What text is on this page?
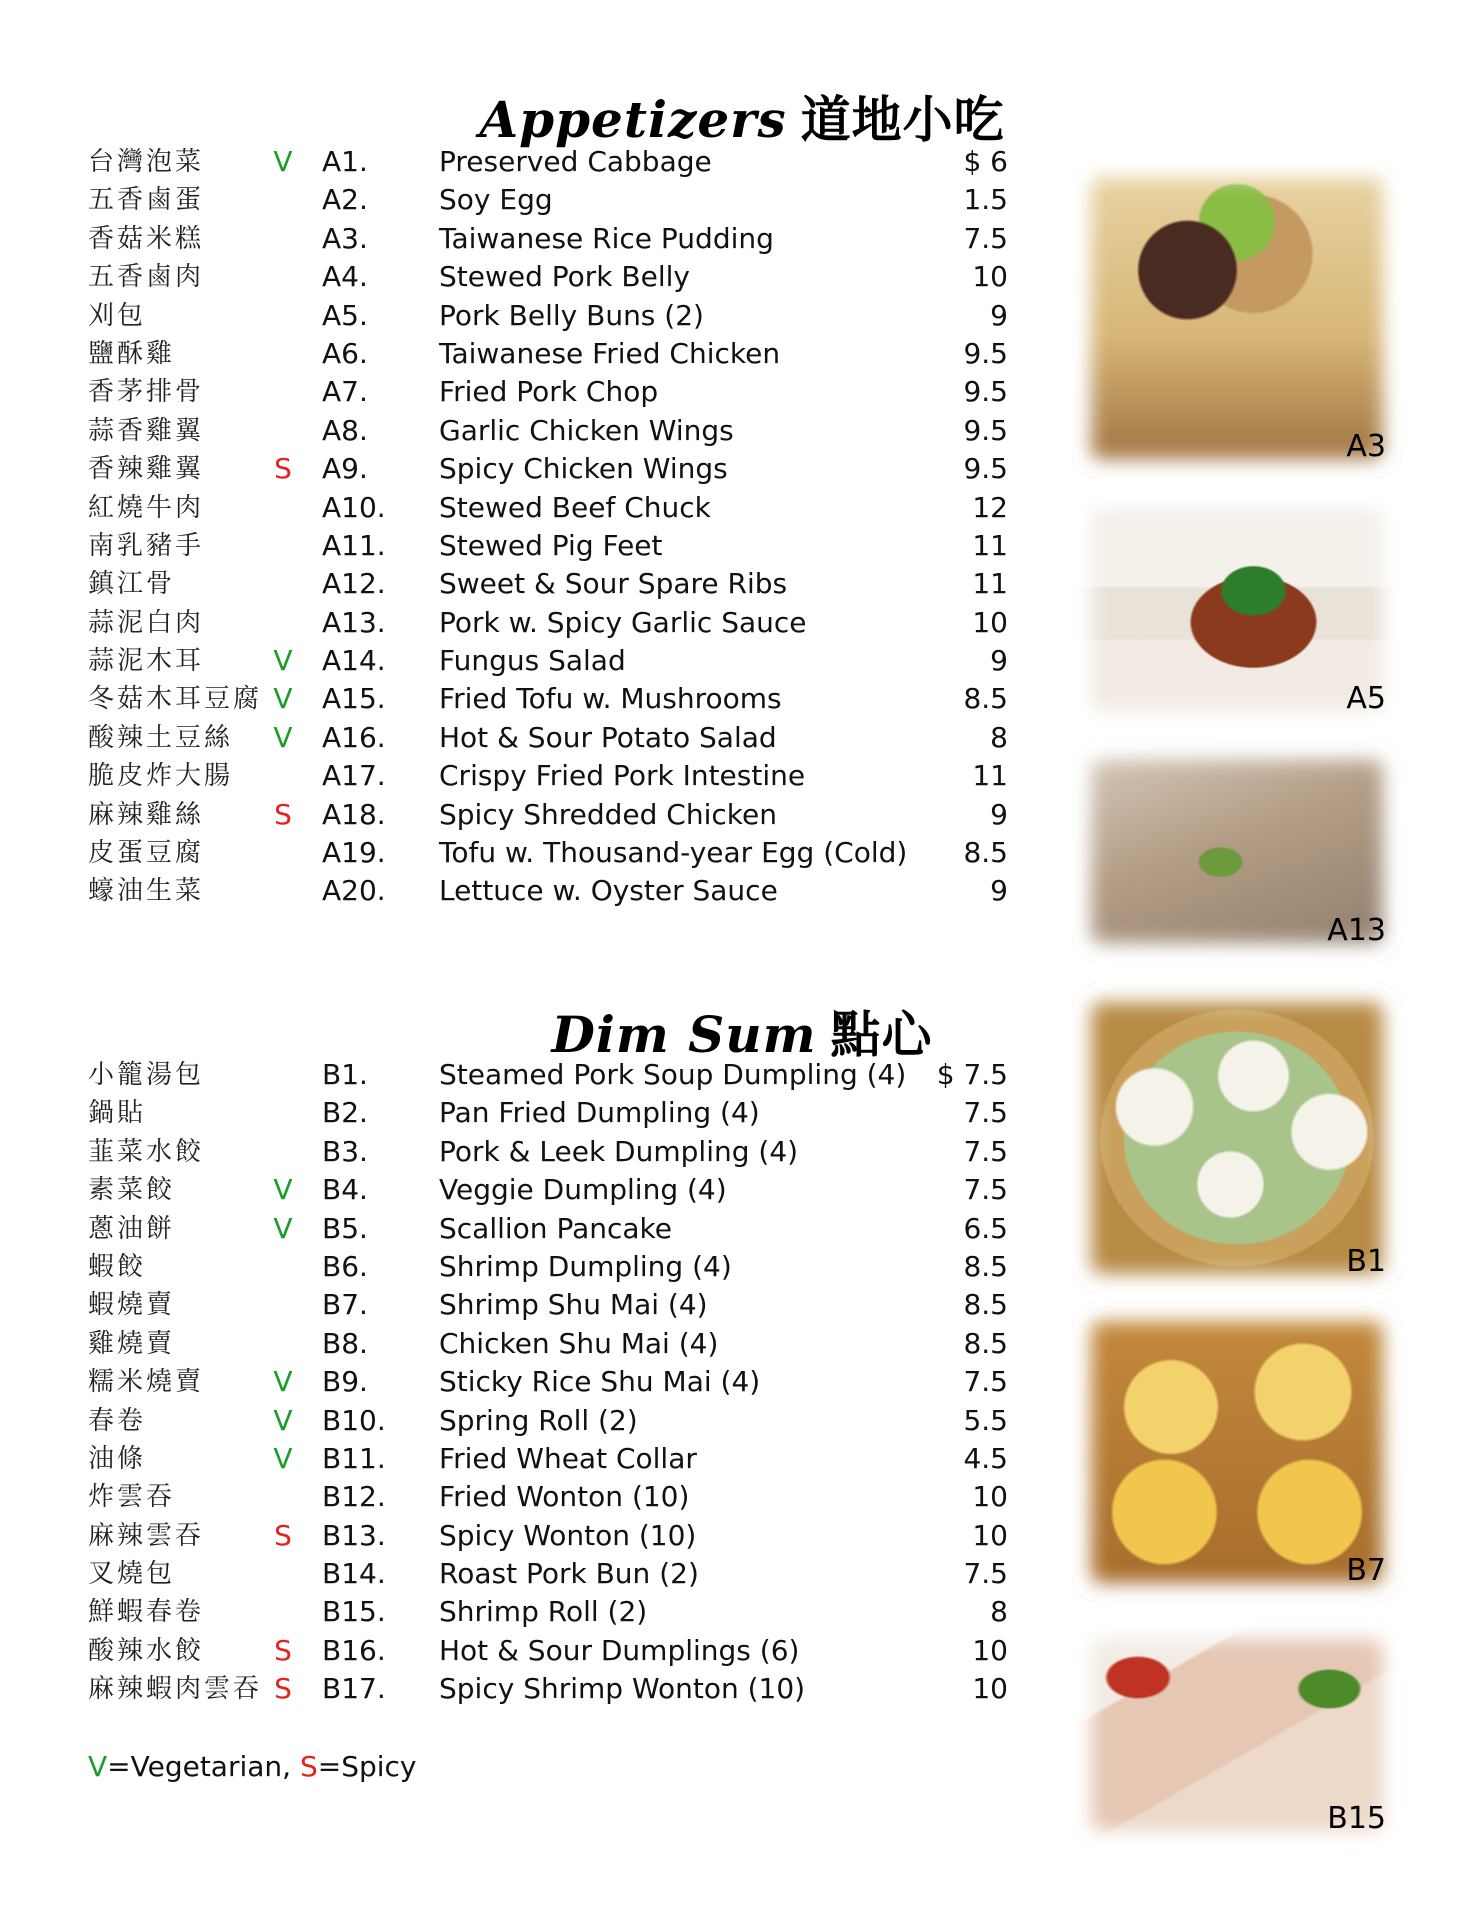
Appetizers 道地小吃
台灣泡菜	V	A1.	Preserved Cabbage	$ 6
五香鹵蛋	A2.	Soy Egg	1.5
香菇米糕	A3.	Taiwanese Rice Pudding	7.5
五香鹵肉	A4.	Stewed Pork Belly	10
刈包	A5.	Pork Belly Buns (2)	9
鹽酥雞	A6.	Taiwanese Fried Chicken	9.5
香茅排骨	A7.	Fried Pork Chop	9.5
蒜香雞翼	A8.	Garlic Chicken Wings	9.5
香辣雞翼	S	A9.	Spicy Chicken Wings	9.5
紅燒牛肉	A10. Stewed Beef Chuck	12
南乳豬手	A11. Stewed Pig Feet	11
鎮江骨	A12. Sweet & Sour Spare Ribs	11
蒜泥白肉	A13. Pork w. Spicy Garlic Sauce	10
蒜泥木耳	V	A14. Fungus Salad	9
冬菇木耳豆腐 V	A15. Fried Tofu w. Mushrooms	8.5
酸辣土豆絲	V	A16. Hot & Sour Potato Salad	8
脆皮炸大腸	A17. Crispy Fried Pork Intestine	11
麻辣雞絲	S	A18. Spicy Shredded Chicken	9
皮蛋豆腐	A19. Tofu w. Thousand-year Egg (Cold)	8.5
蠔油生菜	A20. Lettuce w. Oyster Sauce	9
Dim Sum 點心
小籠湯包	B1.	Steamed Pork Soup Dumpling (4)	$ 7.5
鍋貼	B2.	Pan Fried Dumpling (4)	7.5
韮菜水餃	B3.	Pork & Leek Dumpling (4)	7.5
素菜餃	V	B4.	Veggie Dumpling (4)	7.5
蔥油餅	V	B5.	Scallion Pancake	6.5
蝦餃	B6.	Shrimp Dumpling (4)	8.5
蝦燒賣	B7.	Shrimp Shu Mai (4)	8.5
雞燒賣	B8.	Chicken Shu Mai (4)	8.5
糯米燒賣	V	B9.	Sticky Rice Shu Mai (4)	7.5
春卷	V	B10. Spring Roll (2)	5.5
油條	V	B11. Fried Wheat Collar	4.5
炸雲吞	B12. Fried Wonton (10)	10
麻辣雲吞	S	B13. Spicy Wonton (10)	10
叉燒包	B14. Roast Pork Bun (2)	7.5
鮮蝦春卷	B15. Shrimp Roll (2)	8
酸辣水餃	S	B16. Hot & Sour Dumplings (6)	10
麻辣蝦肉雲吞 S	B17. Spicy Shrimp Wonton (10)	10
V=Vegetarian, S=Spicy
A3
A5
A13
B1
B7
B15
